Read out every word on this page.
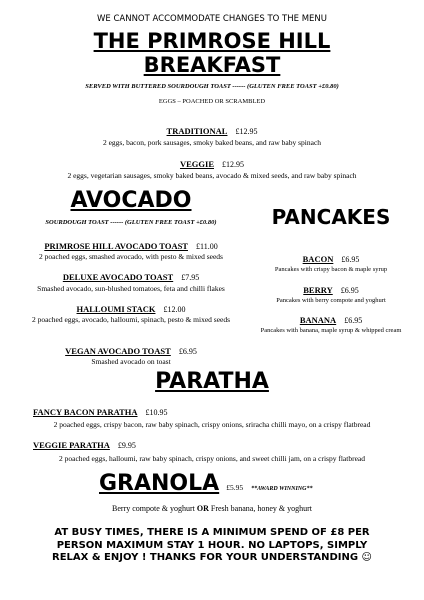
WE CANNOT ACCOMMODATE CHANGES TO THE MENU
THE PRIMROSE HILL
BREAKFAST
SERVED WITH BUTTERED SOURDOUGH TOAST ------ (GLUTEN FREE TOAST +£0.80)
EGGS – POACHED OR SCRAMBLED
TRADITIONAL £12.95
2 eggs, bacon, pork sausages, smoky baked beans, and raw baby spinach
VEGGIE £12.95
2 eggs, vegetarian sausages, smoky baked beans, avocado & mixed seeds, and raw baby spinach
AVOCADO
SOURDOUGH TOAST ------ (GLUTEN FREE TOAST +£0.80)
PRIMROSE HILL AVOCADO TOAST £11.00
2 poached eggs, smashed avocado, with pesto & mixed seeds
DELUXE AVOCADO TOAST £7.95
Smashed avocado, sun-blushed tomatoes, feta and chilli flakes
HALLOUMI STACK £12.00
2 poached eggs, avocado, halloumi, spinach, pesto & mixed seeds
VEGAN AVOCADO TOAST £6.95
Smashed avocado on toast
PANCAKES
BACON £6.95
Pancakes with crispy bacon & maple syrup
BERRY £6.95
Pancakes with berry compote and yoghurt
BANANA £6.95
Pancakes with banana, maple syrup & whipped cream
PARATHA
FANCY BACON PARATHA £10.95
2 poached eggs, crispy bacon, raw baby spinach, crispy onions, sriracha chilli mayo, on a crispy flatbread
VEGGIE PARATHA £9.95
2 poached eggs, halloumi, raw baby spinach, crispy onions, and sweet chilli jam, on a crispy flatbread
GRANOLA £5.95 **AWARD WINNING**
Berry compote & yoghurt OR Fresh banana, honey & yoghurt
AT BUSY TIMES, THERE IS A MINIMUM SPEND OF £8 PER
PERSON MAXIMUM STAY 1 HOUR. NO LAPTOPS, SIMPLY
RELAX & ENJOY ! THANKS FOR YOUR UNDERSTANDING ☺
